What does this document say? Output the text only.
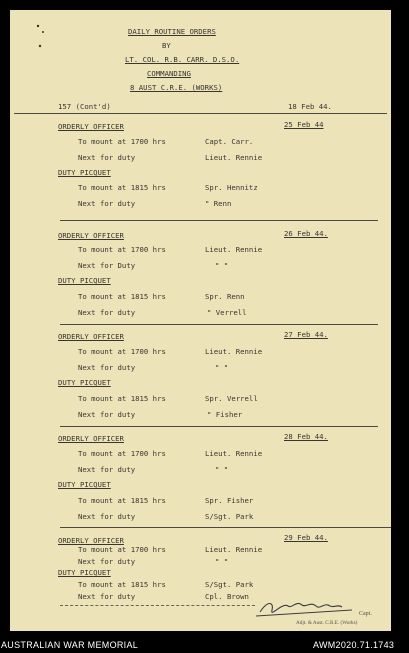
DAILY ROUTINE ORDERS
BY
LT. COL. R.B. CARR. D.S.O.
COMMANDING
8 AUST C.R.E. (WORKS)
157 (Cont'd)	18 Feb 44.
25 Feb 44
ORDERLY OFFICER
To mount at 1700 hrs	Capt. Carr.
Next for duty	Lieut. Rennie
DUTY PICQUET
To mount at 1815 hrs	Spr. Hennitz
Next for duty	" Renn
26 Feb 44.
ORDERLY OFFICER
To mount at 1700 hrs	Lieut. Rennie
Next for Duty	" "
DUTY PICQUET
To mount at 1815 hrs	Spr. Renn
Next for duty	" Verrell
27 Feb 44.
ORDERLY OFFICER
To mount at 1700 hrs	Lieut. Rennie
Next for duty	" "
DUTY PICQUET
To mount at 1815 hrs	Spr. Verrell
Next for duty	" Fisher
28 Feb 44.
ORDERLY OFFICER
To mount at 1700 hrs	Lieut. Rennie
Next for duty	" "
DUTY PICQUET
To mount at 1815 hrs	Spr. Fisher
Next for duty	S/Sgt. Park
29 Feb 44.
ORDERLY OFFICER
To mount at 1700 hrs	Lieut. Rennie
Next for duty	" "
DUTY PICQUET
To mount at 1815 hrs	S/Sgt. Park
Next for duty	Cpl. Brown
Capt.
Adjt. & Aust. C.R.E. (Works)
AUSTRALIAN WAR MEMORIAL	AWM2020.71.1743
